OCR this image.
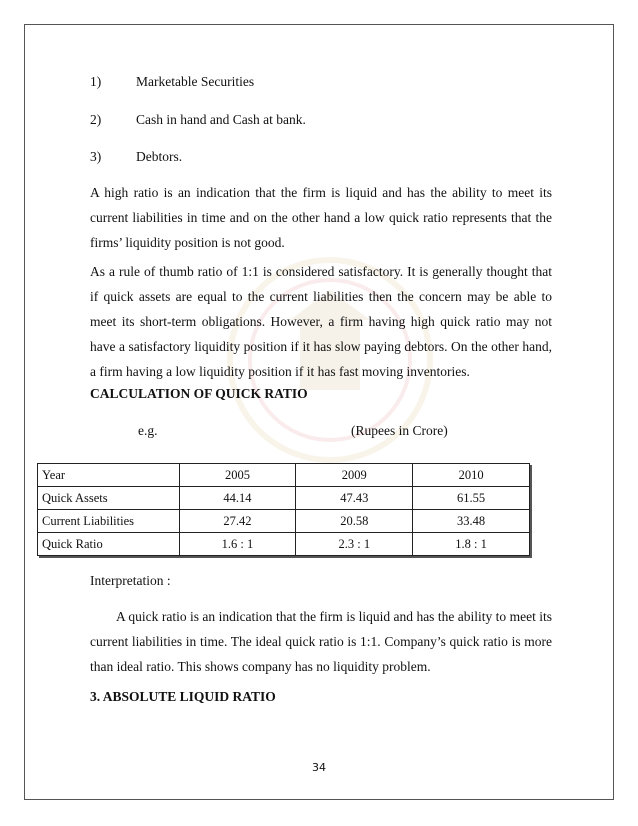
1)	Marketable Securities
2)	Cash in hand and Cash at bank.
3)	Debtors.

A high ratio is an indication that the firm is liquid and has the ability to meet its current liabilities in time and on the other hand a low quick ratio represents that the firms’ liquidity position is not good.

As a rule of thumb ratio of 1:1 is considered satisfactory. It is generally thought that if quick assets are equal to the current liabilities then the concern may be able to meet its short-term obligations. However, a firm having high quick ratio may not have a satisfactory liquidity position if it has slow paying debtors. On the other hand, a firm having a low liquidity position if it has fast moving inventories.

CALCULATION OF QUICK RATIO
e.g.	(Rupees in Crore)
Year	2005	2009	2010
Quick Assets	44.14	47.43	61.55
Current Liabilities	27.42	20.58	33.48
Quick Ratio	1.6 : 1	2.3 : 1	1.8 : 1
Interpretation :

A quick ratio is an indication that the firm is liquid and has the ability to meet its current liabilities in time. The ideal quick ratio is 1:1. Company’s quick ratio is more than ideal ratio. This shows company has no liquidity problem.

3. ABSOLUTE LIQUID RATIO
34
